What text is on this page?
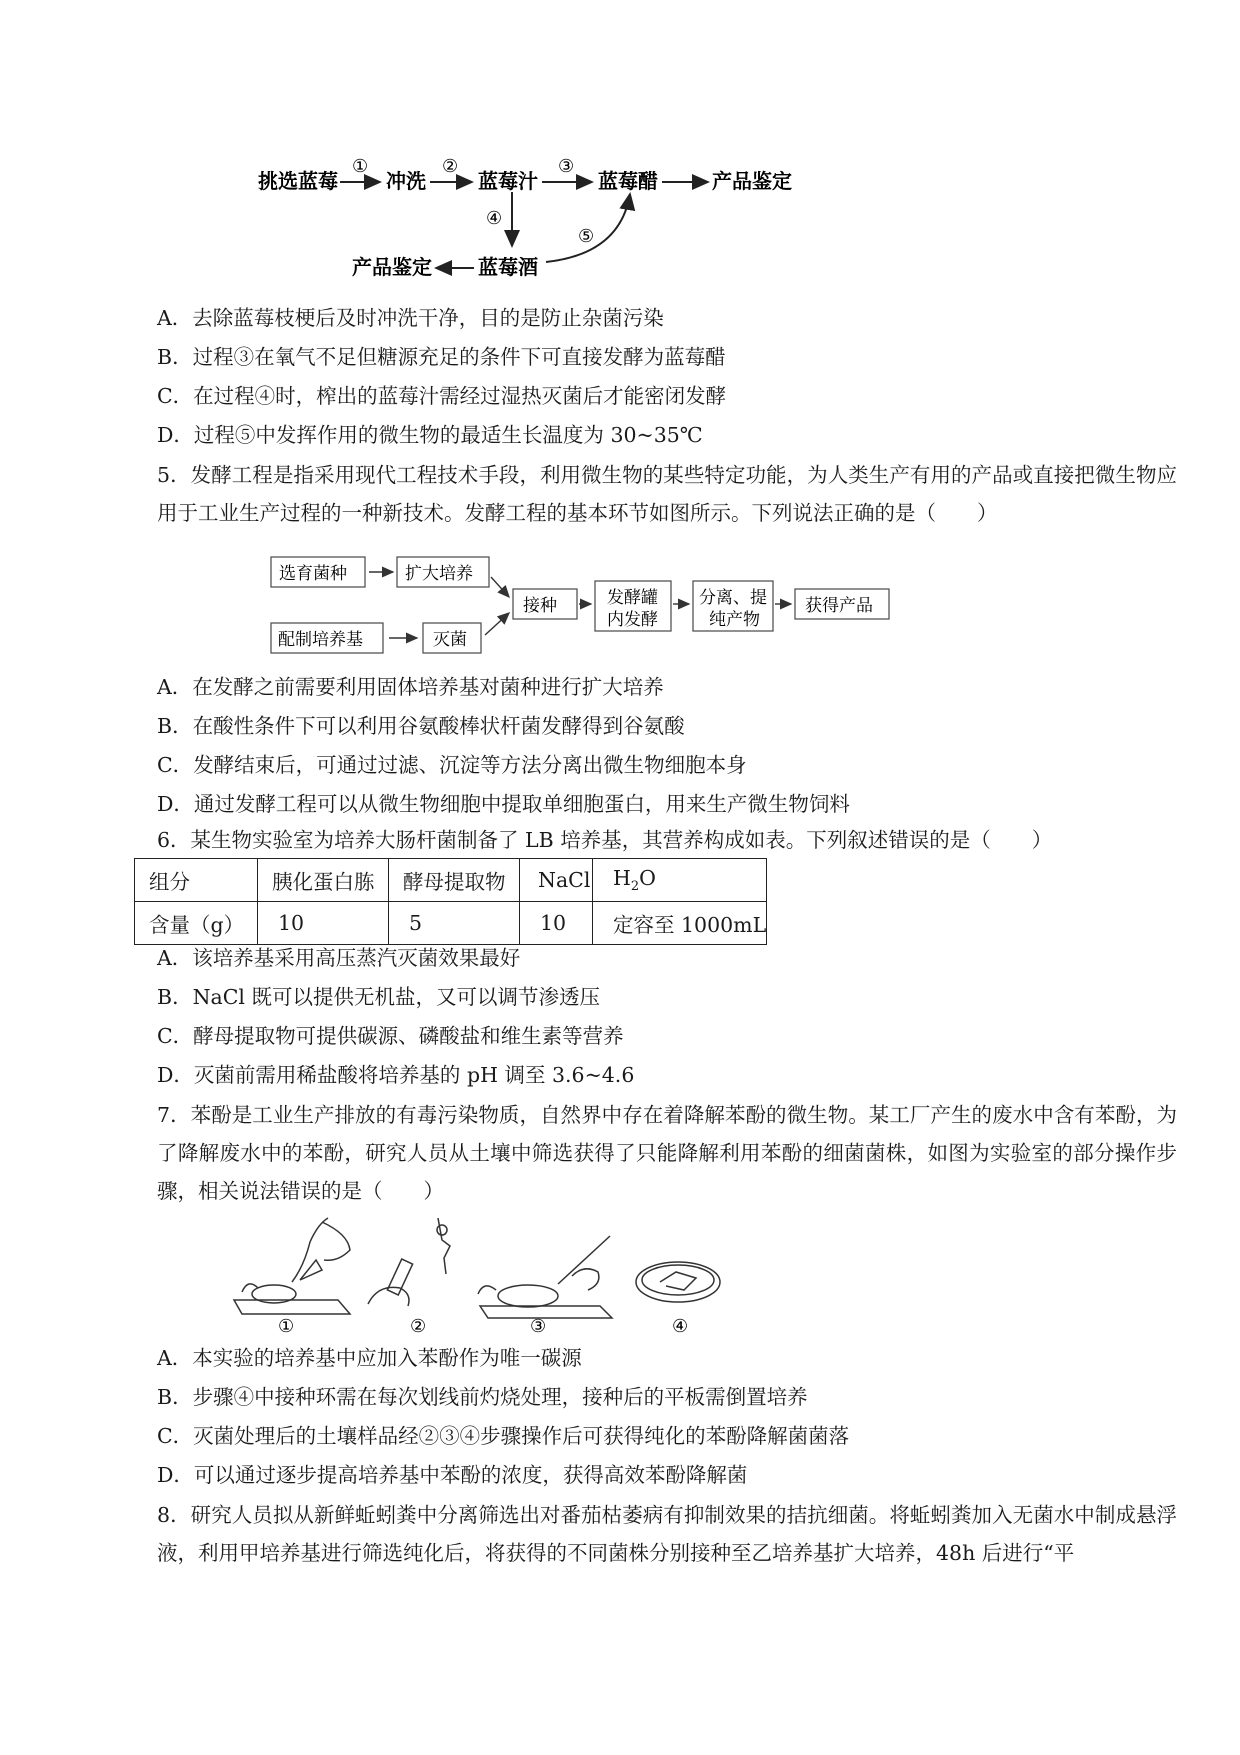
挑选蓝莓
①
冲洗
②
蓝莓汁
③
蓝莓醋	产品鉴定
④
蓝莓酒
产品鉴定
⑤
A．去除蓝莓枝梗后及时冲洗干净，目的是防止杂菌污染
B．过程③在氧气不足但糖源充足的条件下可直接发酵为蓝莓醋
C．在过程④时，榨出的蓝莓汁需经过湿热灭菌后才能密闭发酵
D．过程⑤中发挥作用的微生物的最适生长温度为 30~35℃
5．发酵工程是指采用现代工程技术手段，利用微生物的某些特定功能，为人类生产有用的产品或直接把微生物应用于工业生产过程的一种新技术。发酵工程的基本环节如图所示。下列说法正确的是（　　）
选育菌种	扩大培养
配制培养基	灭菌
接种	发酵罐
内发酵
分离、提
纯产物
获得产品
A．在发酵之前需要利用固体培养基对菌种进行扩大培养
B．在酸性条件下可以利用谷氨酸棒状杆菌发酵得到谷氨酸
C．发酵结束后，可通过过滤、沉淀等方法分离出微生物细胞本身
D．通过发酵工程可以从微生物细胞中提取单细胞蛋白，用来生产微生物饲料
6．某生物实验室为培养大肠杆菌制备了 LB 培养基，其营养构成如表。下列叙述错误的是（　　）
组分	胰化蛋白胨	酵母提取物	NaCl	$H_2O$
含量（g）	10	5	10	定容至 1000mL
A．该培养基采用高压蒸汽灭菌效果最好
B．NaCl 既可以提供无机盐，又可以调节渗透压
C．酵母提取物可提供碳源、磷酸盐和维生素等营养
D．灭菌前需用稀盐酸将培养基的 pH 调至 3.6~4.6
7．苯酚是工业生产排放的有毒污染物质，自然界中存在着降解苯酚的微生物。某工厂产生的废水中含有苯酚，为了降解废水中的苯酚，研究人员从土壤中筛选获得了只能降解利用苯酚的细菌菌株，如图为实验室的部分操作步骤，相关说法错误的是（　　）
①	②	③	④
A．本实验的培养基中应加入苯酚作为唯一碳源
B．步骤④中接种环需在每次划线前灼烧处理，接种后的平板需倒置培养
C．灭菌处理后的土壤样品经②③④步骤操作后可获得纯化的苯酚降解菌菌落
D．可以通过逐步提高培养基中苯酚的浓度，获得高效苯酚降解菌
8．研究人员拟从新鲜蚯蚓粪中分离筛选出对番茄枯萎病有抑制效果的拮抗细菌。将蚯蚓粪加入无菌水中制成悬浮液，利用甲培养基进行筛选纯化后，将获得的不同菌株分别接种至乙培养基扩大培养，48h 后进行“平
